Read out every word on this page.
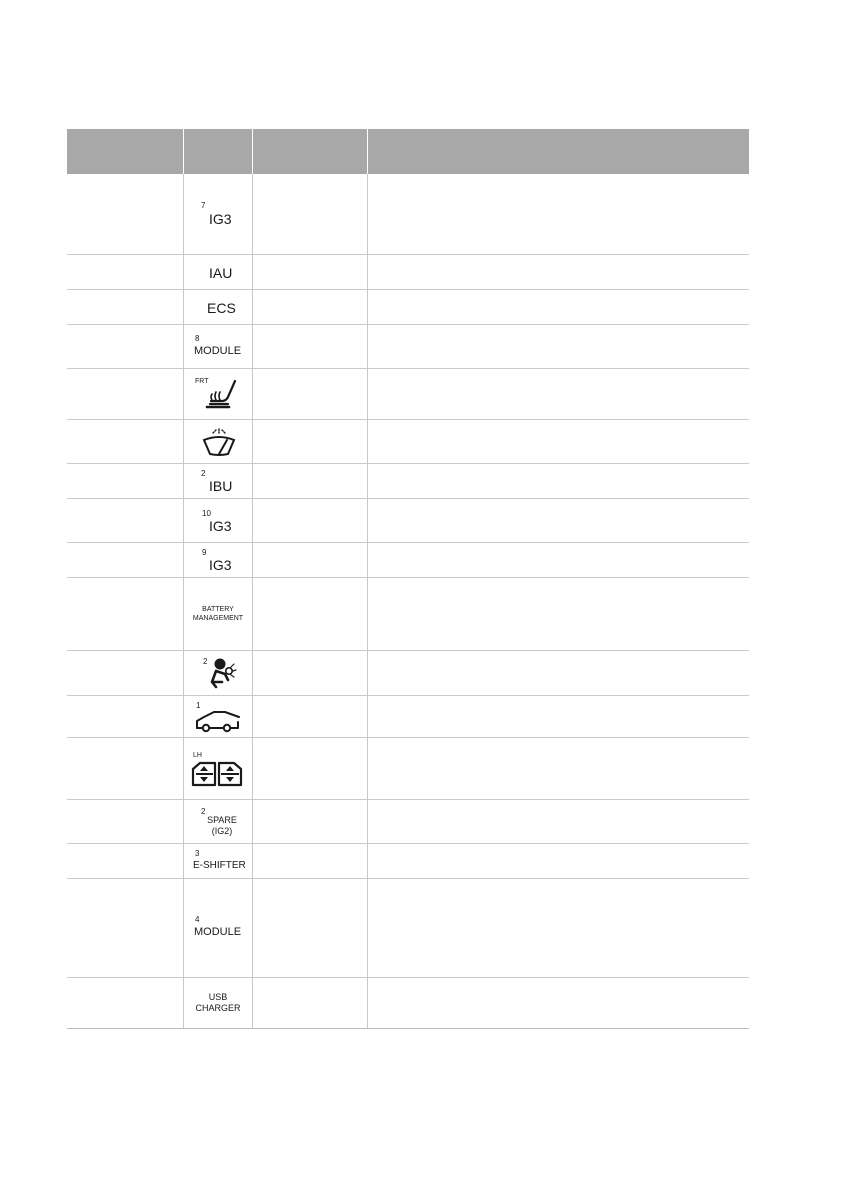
7
IG3
IAU
ECS
8
MODULE
FRT
2
IBU
10
IG3
9
IG3
BATTERY
MANAGEMENT
2
1
LH
2
SPARE
(IG2)
3
E-SHIFTER
4
MODULE
USB
CHARGER
